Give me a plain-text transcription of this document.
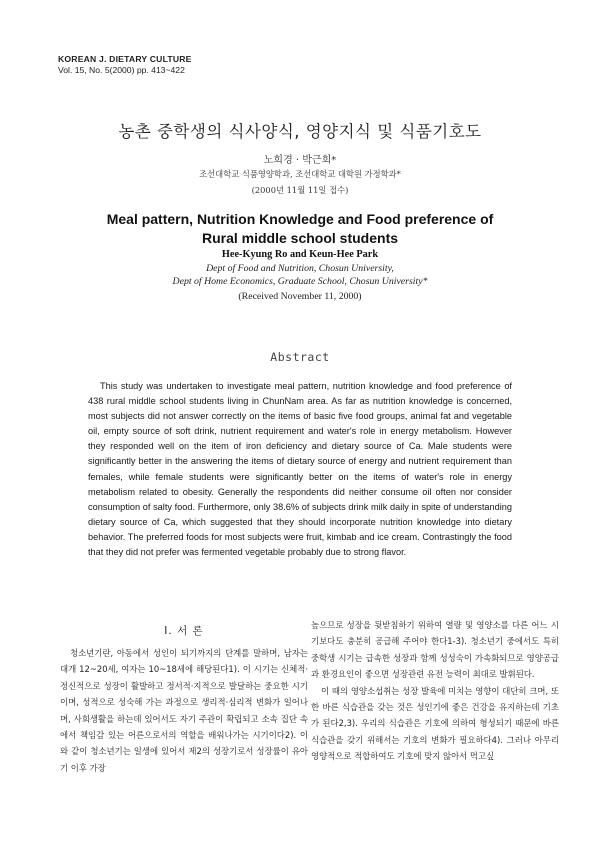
KOREAN J. DIETARY CULTURE
Vol. 15, No. 5(2000) pp. 413~422
농촌 중학생의 식사양식, 영양지식 및 식품기호도
노희경 · 박근희*
조선대학교 식품영양학과, 조선대학교 대학원 가정학과*
(2000년 11월 11일 접수)
Meal pattern, Nutrition Knowledge and Food preference of
Rural middle school students
Hee-Kyung Ro and Keun-Hee Park
Dept of Food and Nutrition, Chosun University,
Dept of Home Economics, Graduate School, Chosun University*
(Received November 11, 2000)
Abstract
This study was undertaken to investigate meal pattern, nutrition knowledge and food preference of 438 rural middle school students living in ChunNam area. As far as nutrition knowledge is concerned, most subjects did not answer correctly on the items of basic five food groups, animal fat and vegetable oil, empty source of soft drink, nutrient requirement and water's role in energy metabolism. However they responded well on the item of iron deficiency and dietary source of Ca. Male students were significantly better in the answering the items of dietary source of energy and nutrient requirement than females, while female students were significantly better on the items of water's role in energy metabolism related to obesity. Generally the respondents did neither consume oil often nor consider consumption of salty food. Furthermore, only 38.6% of subjects drink milk daily in spite of understanding dietary source of Ca, which suggested that they should incorporate nutrition knowledge into dietary behavior. The preferred foods for most subjects were fruit, kimbab and ice cream. Contrastingly the food that they did not prefer was fermented vegetable probably due to strong flavor.
I. 서 론

청소년기란, 아동에서 성인이 되기까지의 단계를 말하며, 남자는 대개 12~20세, 여자는 10~18세에 해당된다1). 이 시기는 신체적·정신적으로 성장이 활발하고 정서적·지적으로 발달하는 중요한 시기이며, 성적으로 성숙해 가는 과정으로 생리적·심리적 변화가 일어나며, 사회생활을 하는데 있어서도 자기 주관이 확립되고 소속 집단 속에서 책임감 있는 어른으로서의 역할을 배워나가는 시기이다2). 이와 같이 청소년기는 일생에 있어서 제2의 성장기로서 성장률이 유아기 이후 가장

높으므로 성장을 뒷받침하기 위하여 열량 및 영양소를 다른 어느 시기보다도 충분히 공급해 주어야 한다1-3). 청소년기 중에서도 특히 중학생 시기는 급속한 성장과 함께 성성숙이 가속화되므로 영양공급과 환경요인이 좋으면 성장관련 유전 능력이 최대로 발휘된다.

이 때의 영양소섭취는 성장 발육에 미치는 영향이 대단히 크며, 또한 바른 식습관을 갖는 것은 성인기에 좋은 건강을 유지하는데 기초가 된다2,3). 우리의 식습관은 기호에 의하여 형성되기 때문에 바른 식습관을 갖기 위해서는 기호의 변화가 필요하다4). 그러나 아무리 영양적으로 적합하여도 기호에 맞지 않아서 먹고싶
